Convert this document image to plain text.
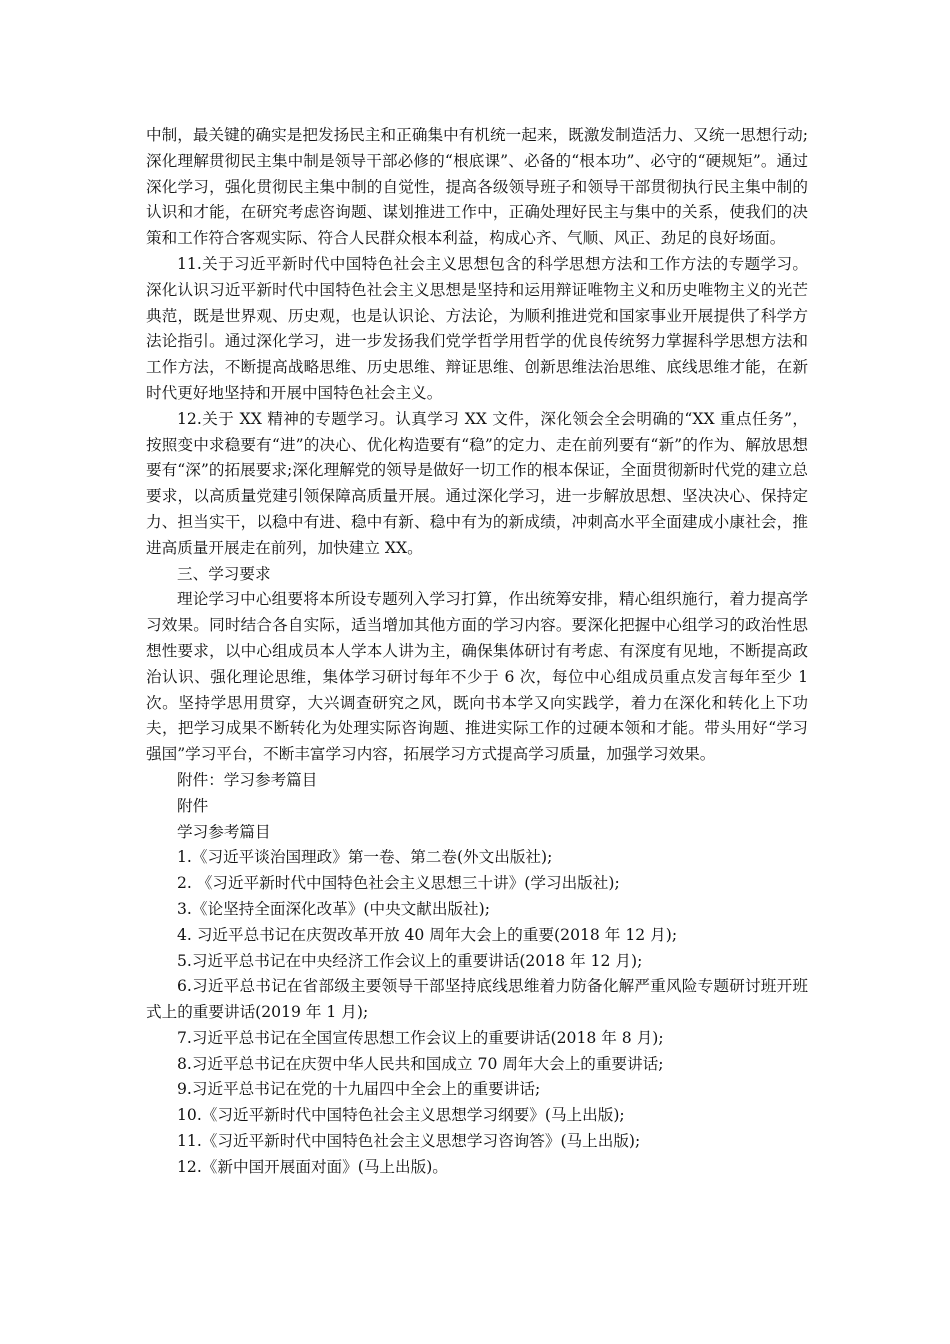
中制，最关键的确实是把发扬民主和正确集中有机统一起来，既激发制造活力、又统一思想行动;深化理解贯彻民主集中制是领导干部必修的“根底课”、必备的“根本功”、必守的“硬规矩”。通过深化学习，强化贯彻民主集中制的自觉性，提高各级领导班子和领导干部贯彻执行民主集中制的认识和才能，在研究考虑咨询题、谋划推进工作中，正确处理好民主与集中的关系，使我们的决策和工作符合客观实际、符合人民群众根本利益，构成心齐、气顺、风正、劲足的良好场面。

11.关于习近平新时代中国特色社会主义思想包含的科学思想方法和工作方法的专题学习。深化认识习近平新时代中国特色社会主义思想是坚持和运用辩证唯物主义和历史唯物主义的光芒典范，既是世界观、历史观，也是认识论、方法论，为顺利推进党和国家事业开展提供了科学方法论指引。通过深化学习，进一步发扬我们党学哲学用哲学的优良传统努力掌握科学思想方法和工作方法，不断提高战略思维、历史思维、辩证思维、创新思维法治思维、底线思维才能，在新时代更好地坚持和开展中国特色社会主义。

12.关于 XX 精神的专题学习。认真学习 XX 文件，深化领会全会明确的“XX 重点任务”，按照变中求稳要有“进”的决心、优化构造要有“稳”的定力、走在前列要有“新”的作为、解放思想要有“深”的拓展要求;深化理解党的领导是做好一切工作的根本保证，全面贯彻新时代党的建立总要求，以高质量党建引领保障高质量开展。通过深化学习，进一步解放思想、坚决决心、保持定力、担当实干，以稳中有进、稳中有新、稳中有为的新成绩，冲刺高水平全面建成小康社会，推进高质量开展走在前列，加快建立 XX。

三、学习要求

理论学习中心组要将本所设专题列入学习打算，作出统筹安排，精心组织施行，着力提高学习效果。同时结合各自实际，适当增加其他方面的学习内容。要深化把握中心组学习的政治性思想性要求，以中心组成员本人学本人讲为主，确保集体研讨有考虑、有深度有见地，不断提高政治认识、强化理论思维，集体学习研讨每年不少于 6 次，每位中心组成员重点发言每年至少 1 次。坚持学思用贯穿，大兴调查研究之风，既向书本学又向实践学，着力在深化和转化上下功夫，把学习成果不断转化为处理实际咨询题、推进实际工作的过硬本领和才能。带头用好“学习强国”学习平台，不断丰富学习内容，拓展学习方式提高学习质量，加强学习效果。

附件：学习参考篇目

附件

学习参考篇目

1.《习近平谈治国理政》第一卷、第二卷(外文出版社);

2. 《习近平新时代中国特色社会主义思想三十讲》(学习出版社);

3.《论坚持全面深化改革》(中央文献出版社);

4. 习近平总书记在庆贺改革开放 40 周年大会上的重要(2018 年 12 月);

5.习近平总书记在中央经济工作会议上的重要讲话(2018 年 12 月);

6.习近平总书记在省部级主要领导干部坚持底线思维着力防备化解严重风险专题研讨班开班式上的重要讲话(2019 年 1 月);

7.习近平总书记在全国宣传思想工作会议上的重要讲话(2018 年 8 月);

8.习近平总书记在庆贺中华人民共和国成立 70 周年大会上的重要讲话;

9.习近平总书记在党的十九届四中全会上的重要讲话;

10.《习近平新时代中国特色社会主义思想学习纲要》(马上出版);

11.《习近平新时代中国特色社会主义思想学习咨询答》(马上出版);

12.《新中国开展面对面》(马上出版)。
